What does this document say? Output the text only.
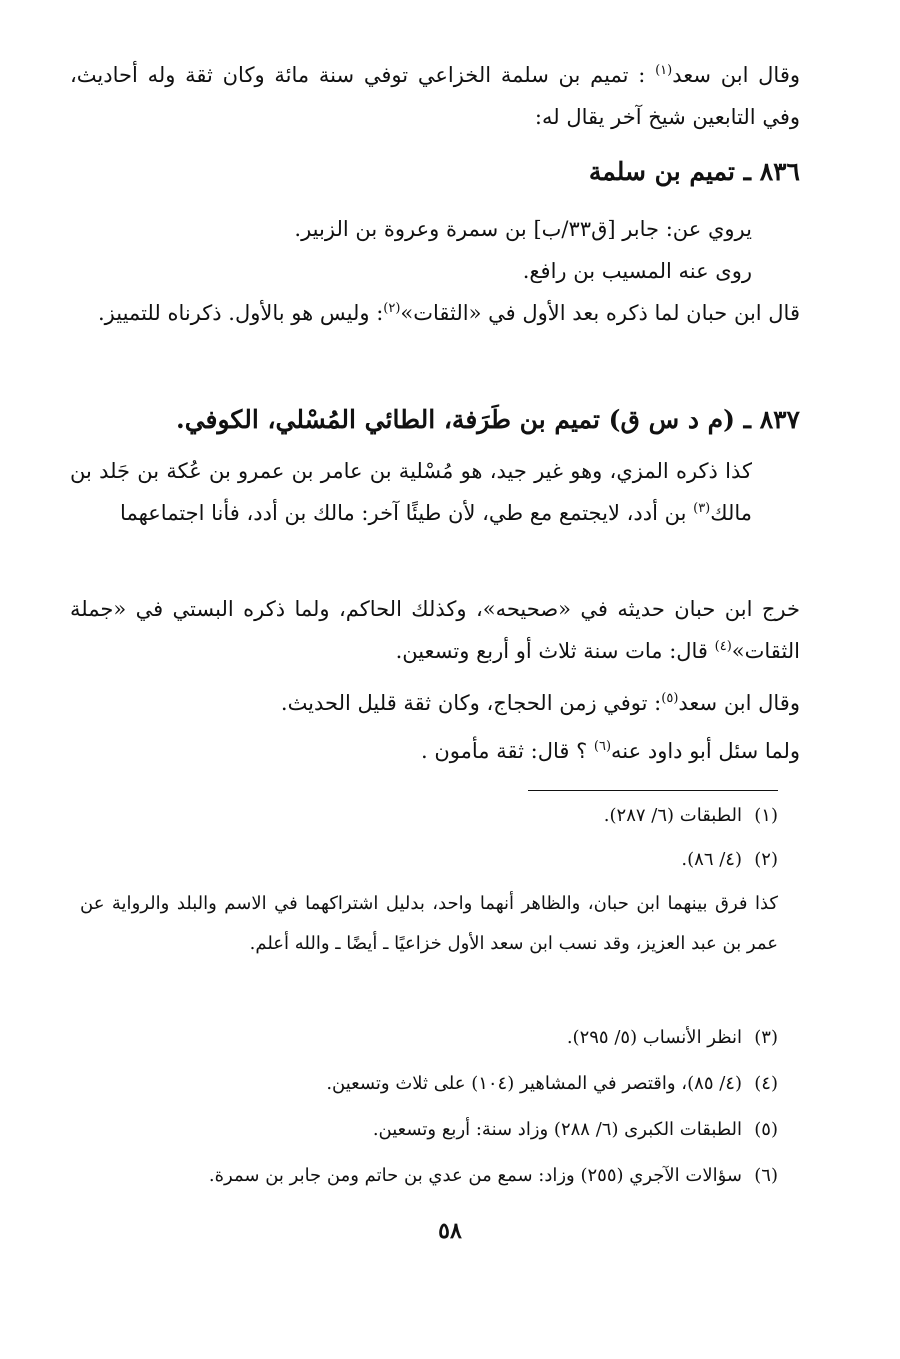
وقال ابن سعد$^{(١)}$ : تميم بن سلمة الخزاعي توفي سنة مائة وكان ثقة وله أحاديث، وفي التابعين شيخ آخر يقال له:
٨٣٦ ـ تميم بن سلمة
يروي عن: جابر [ق٣٣/ب] بن سمرة وعروة بن الزبير.
روى عنه المسيب بن رافع.
قال ابن حبان لما ذكره بعد الأول في «الثقات»$^{(٢)}$: وليس هو بالأول. ذكرناه للتمييز.
٨٣٧ ـ (م د س ق) تميم بن طَرَفة، الطائي المُسْلي، الكوفي.
كذا ذكره المزي، وهو غير جيد، هو مُسْلية بن عامر بن عمرو بن عُكة بن جَلد بن مالك$^{(٣)}$ بن أدد، لايجتمع مع طي، لأن طيئًا آخر: مالك بن أدد، فأنا اجتماعهما
خرج ابن حبان حديثه في «صحيحه»، وكذلك الحاكم، ولما ذكره البستي في «جملة الثقات»$^{(٤)}$ قال: مات سنة ثلاث أو أربع وتسعين.
وقال ابن سعد$^{(٥)}$: توفي زمن الحجاج، وكان ثقة قليل الحديث.
ولما سئل أبو داود عنه$^{(٦)}$ ؟ قال: ثقة مأمون .
(١)الطبقات (٦/ ٢٨٧).
(٢)(٤/ ٨٦).
كذا فرق بينهما ابن حبان، والظاهر أنهما واحد، بدليل اشتراكهما في الاسم والبلد والرواية عن عمر بن عبد العزيز، وقد نسب ابن سعد الأول خزاعيًا ـ أيضًا ـ والله أعلم.
(٣)انظر الأنساب (٥/ ٢٩٥).
(٤)(٤/ ٨٥)، واقتصر في المشاهير (١٠٤) على ثلاث وتسعين.
(٥)الطبقات الكبرى (٦/ ٢٨٨) وزاد سنة: أربع وتسعين.
(٦)سؤالات الآجري (٢٥٥) وزاد: سمع من عدي بن حاتم ومن جابر بن سمرة.
٥٨
